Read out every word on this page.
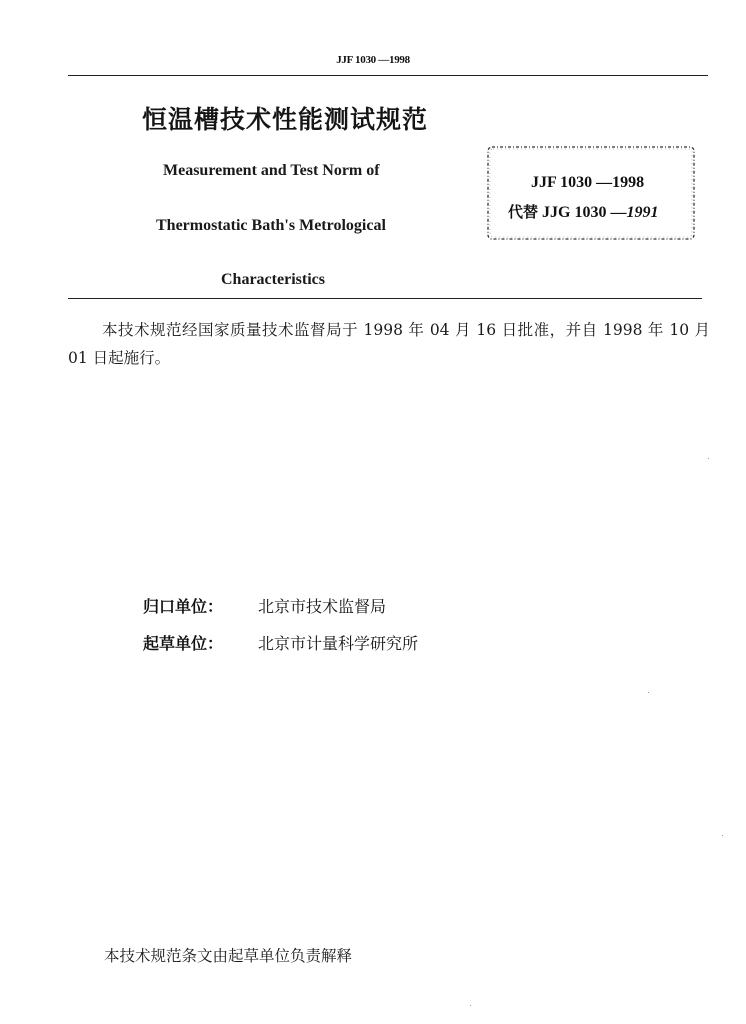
JJF 1030 —1998
恒温槽技术性能测试规范
Measurement and Test Norm of
Thermostatic Bath's Metrological
Characteristics
JJF 1030 —1998
代替 JJG 1030 —1991
本技术规范经国家质量技术监督局于 1998 年 04 月 16 日批准，并自 1998 年 10 月 01 日起施行。
归口单位： 北京市技术监督局
起草单位： 北京市计量科学研究所
本技术规范条文由起草单位负责解释
